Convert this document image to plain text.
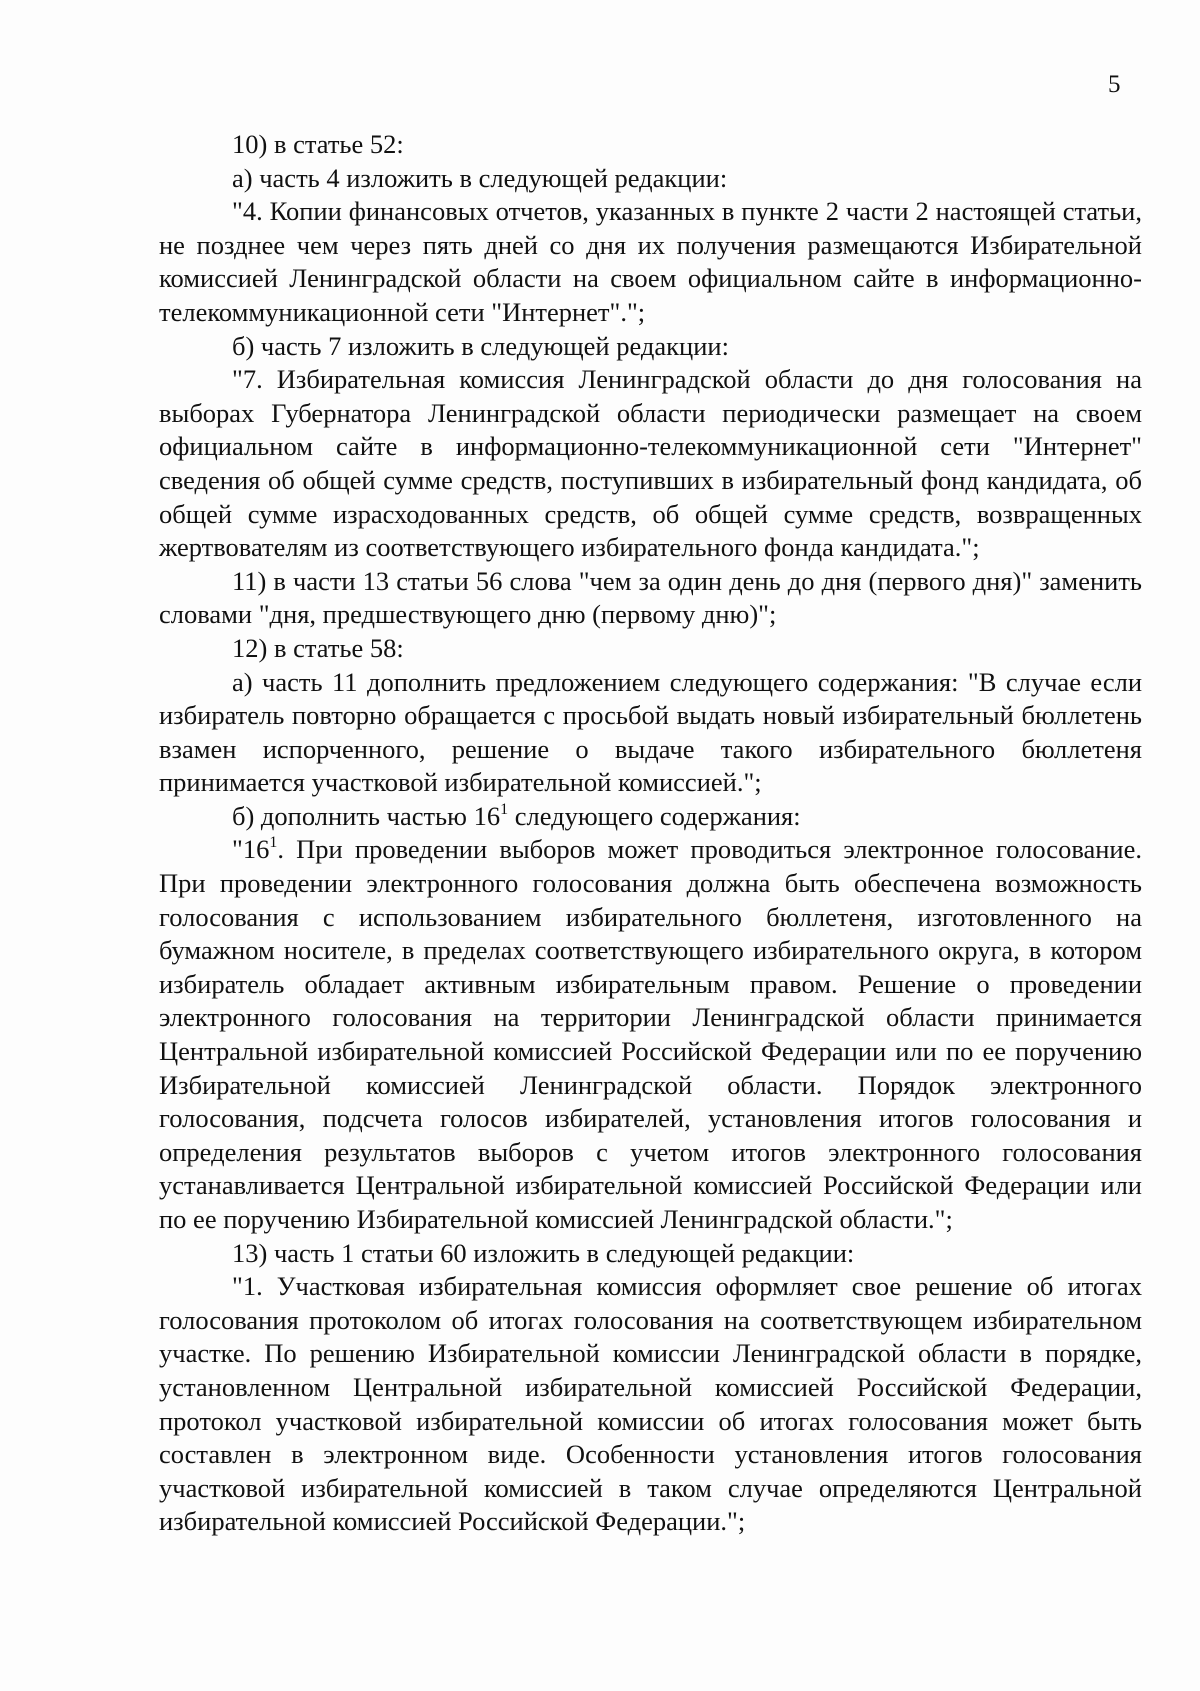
5

10) в статье 52:

а) часть 4 изложить в следующей редакции:

"4. Копии финансовых отчетов, указанных в пункте 2 части 2 настоящей статьи, не позднее чем через пять дней со дня их получения размещаются Избирательной комиссией Ленинградской области на своем официальном сайте в информационно-телекоммуникационной сети "Интернет".";

б) часть 7 изложить в следующей редакции:

"7. Избирательная комиссия Ленинградской области до дня голосования на выборах Губернатора Ленинградской области периодически размещает на своем официальном сайте в информационно-телекоммуникационной сети "Интернет" сведения об общей сумме средств, поступивших в избирательный фонд кандидата, об общей сумме израсходованных средств, об общей сумме средств, возвращенных жертвователям из соответствующего избирательного фонда кандидата.";

11) в части 13 статьи 56 слова "чем за один день до дня (первого дня)" заменить словами "дня, предшествующего дню (первому дню)";

12) в статье 58:

а) часть 11 дополнить предложением следующего содержания: "В случае если избиратель повторно обращается с просьбой выдать новый избирательный бюллетень взамен испорченного, решение о выдаче такого избирательного бюллетеня принимается участковой избирательной комиссией.";

б) дополнить частью $16^1$ следующего содержания:

"$16^1$. При проведении выборов может проводиться электронное голосование. При проведении электронного голосования должна быть обеспечена возможность голосования с использованием избирательного бюллетеня, изготовленного на бумажном носителе, в пределах соответствующего избирательного округа, в котором избиратель обладает активным избирательным правом. Решение о проведении электронного голосования на территории Ленинградской области принимается Центральной избирательной комиссией Российской Федерации или по ее поручению Избирательной комиссией Ленинградской области. Порядок электронного голосования, подсчета голосов избирателей, установления итогов голосования и определения результатов выборов с учетом итогов электронного голосования устанавливается Центральной избирательной комиссией Российской Федерации или по ее поручению Избирательной комиссией Ленинградской области.";

13) часть 1 статьи 60 изложить в следующей редакции:

"1. Участковая избирательная комиссия оформляет свое решение об итогах голосования протоколом об итогах голосования на соответствующем избирательном участке. По решению Избирательной комиссии Ленинградской области в порядке, установленном Центральной избирательной комиссией Российской Федерации, протокол участковой избирательной комиссии об итогах голосования может быть составлен в электронном виде. Особенности установления итогов голосования участковой избирательной комиссией в таком случае определяются Центральной избирательной комиссией Российской Федерации.";
